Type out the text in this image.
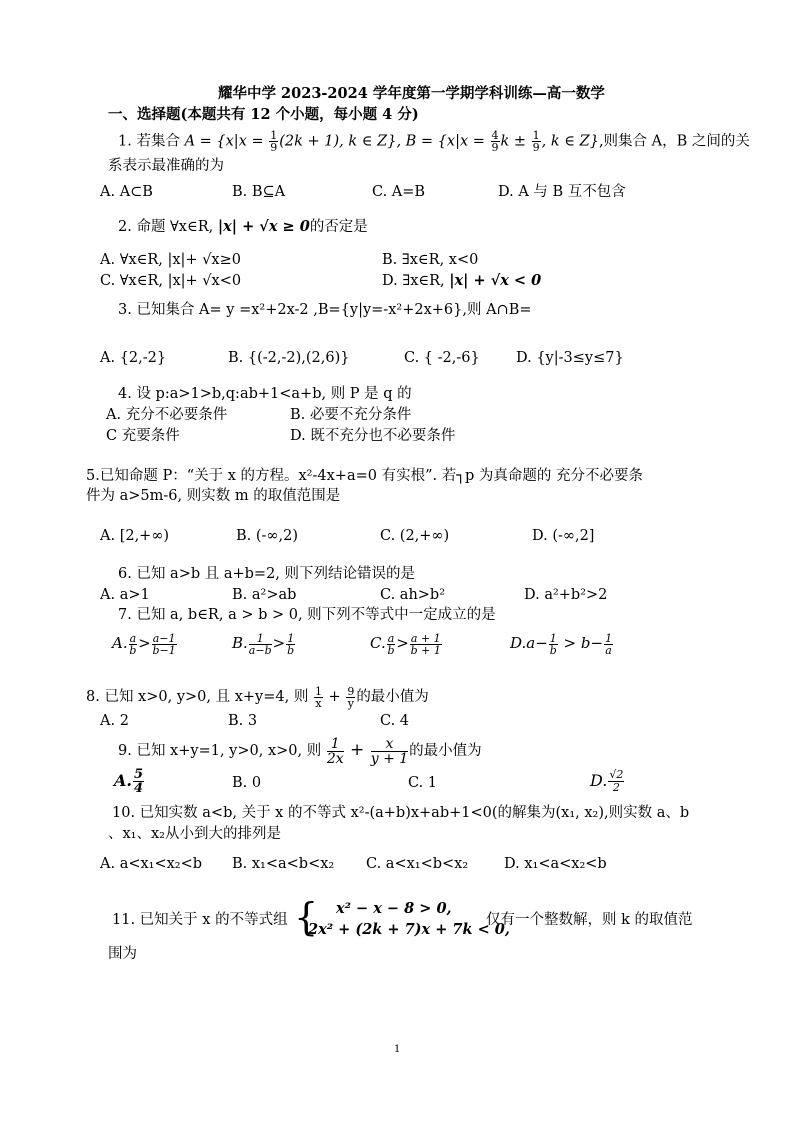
耀华中学 2023-2024 学年度第一学期学科训练—高一数学
一、选择题(本题共有 12 个小题，每小题 4 分)
1. 若集合 $A = \{x|x = \frac{1}{9} (2k + 1)$, k ∈ Z}, $B = \{x|x = \frac{4}{9}$ $k \pm \frac{1}{9}$ , k ∈ Z},则集合 A，B 之间的关
系表示最准确的为
A. A⊂B	B. B⊆A	C. A=B	D. A 与 B 互不包含
2. 命题 ∀x∈R, |x| + √x ≥ 0的否定是
A. ∀x∈R, |x|+ √x≥0	B. ∃x∈R, x<0
C. ∀x∈R, |x|+ √x<0	D. ∃x∈R, |x| + √x < 0
3. 已知集合 A= y =x²+2x-2 ,B={y|y=-x²+2x+6},则 A∩B=
A. {2,-2}	B. {(-2,-2),(2,6)}	C. { -2,-6}	D. {y|-3≤y≤7}
4. 设 p:a>1>b,q:ab+1<a+b, 则 P 是 q 的
A. 充分不必要条件	B. 必要不充分条件
C 充要条件	D. 既不充分也不必要条件
5.已知命题 P：“关于 x 的方程。x²-4x+a=0 有实根”. 若┐p 为真命题的 充分不必要条
件为 a>5m-6, 则实数 m 的取值范围是
A. [2,+∞)	B. (-∞,2)	C. (2,+∞)	D. (-∞,2]
6. 已知 a>b 且 a+b=2, 则下列结论错误的是
A. a>1	B. a²>ab	C. ah>b²	D. a²+b²>2
7. 已知 a, b∈R, a > b > 0, 则下列不等式中一定成立的是
A. $\frac{a}{b} > \frac{a-1}{b-1}$	B. $\frac{1}{a-b} > \frac{1}{b}$	C. $\frac{a}{b} > \frac{a + 1}{b + 1}$	$D.a- \frac{1}{b} > b- \frac{1}{a}$
8. 已知 x>0, y>0, 且 x+y=4, 则 $\frac{1}{x} + \frac{9}{y}$ 的最小值为
A. 2	B. 3	C. 4
9. 已知 x+y=1, y>0, x>0, 则 $\frac{1}{2x} + \frac{x}{y + 1}$ 的最小值为
A. $\frac{5}{4}$	B. 0	C. 1	D. $\frac{√2}{2}$
10. 已知实数 a<b, 关于 x 的不等式 x²-(a+b)x+ab+1<0(的解集为(x₁, x₂),则实数 a、b
、x₁、x₂从小到大的排列是
A. a<x₁<x₂<b B. x₁<a<b<x₂ C. a<x₁<b<x₂ D. x₁<a<x₂<b
11. 已知关于 x 的不等式组 { x² − x − 8 > 0,
2x² + (2k + 7)x + 7k < 0,
仅有一个整数解，则 k 的取值范
围为
1
